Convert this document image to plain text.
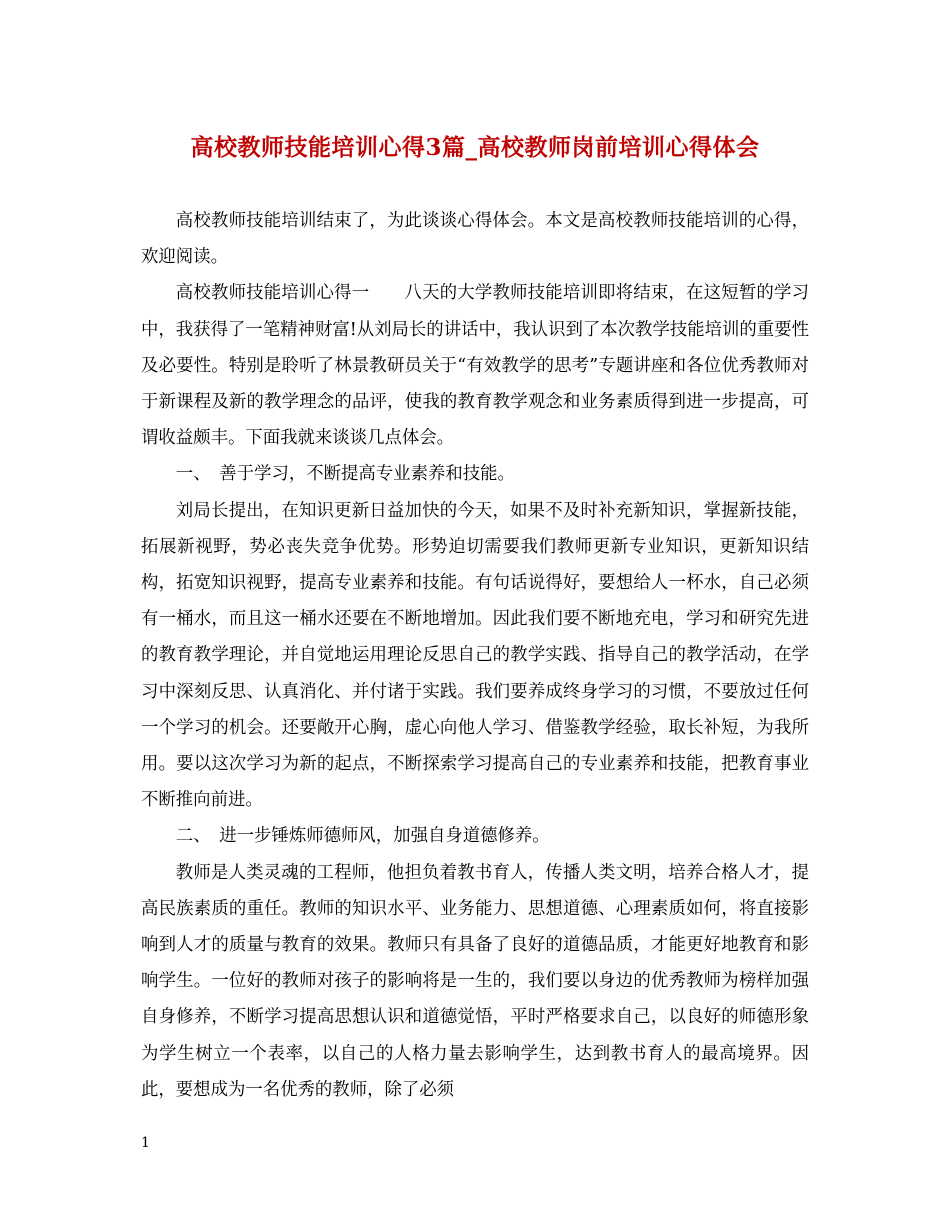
高校教师技能培训心得3篇_高校教师岗前培训心得体会

高校教师技能培训结束了，为此谈谈心得体会。本文是高校教师技能培训的心得，欢迎阅读。

高校教师技能培训心得一　　八天的大学教师技能培训即将结束，在这短暂的学习中，我获得了一笔精神财富!从刘局长的讲话中，我认识到了本次教学技能培训的重要性及必要性。特别是聆听了林景教研员关于“有效教学的思考”专题讲座和各位优秀教师对于新课程及新的教学理念的品评，使我的教育教学观念和业务素质得到进一步提高，可谓收益颇丰。下面我就来谈谈几点体会。

一、　善于学习，不断提高专业素养和技能。

刘局长提出，在知识更新日益加快的今天，如果不及时补充新知识，掌握新技能，拓展新视野，势必丧失竞争优势。形势迫切需要我们教师更新专业知识，更新知识结构，拓宽知识视野，提高专业素养和技能。有句话说得好，要想给人一杯水，自己必须有一桶水，而且这一桶水还要在不断地增加。因此我们要不断地充电，学习和研究先进的教育教学理论，并自觉地运用理论反思自己的教学实践、指导自己的教学活动，在学习中深刻反思、认真消化、并付诸于实践。我们要养成终身学习的习惯，不要放过任何一个学习的机会。还要敞开心胸，虚心向他人学习、借鉴教学经验，取长补短，为我所用。要以这次学习为新的起点，不断探索学习提高自己的专业素养和技能，把教育事业不断推向前进。

二、　进一步锤炼师德师风，加强自身道德修养。

教师是人类灵魂的工程师，他担负着教书育人，传播人类文明，培养合格人才，提高民族素质的重任。教师的知识水平、业务能力、思想道德、心理素质如何，将直接影响到人才的质量与教育的效果。教师只有具备了良好的道德品质，才能更好地教育和影响学生。一位好的教师对孩子的影响将是一生的，我们要以身边的优秀教师为榜样加强自身修养，不断学习提高思想认识和道德觉悟，平时严格要求自己，以良好的师德形象为学生树立一个表率，以自己的人格力量去影响学生，达到教书育人的最高境界。因此，要想成为一名优秀的教师，除了必须

1
